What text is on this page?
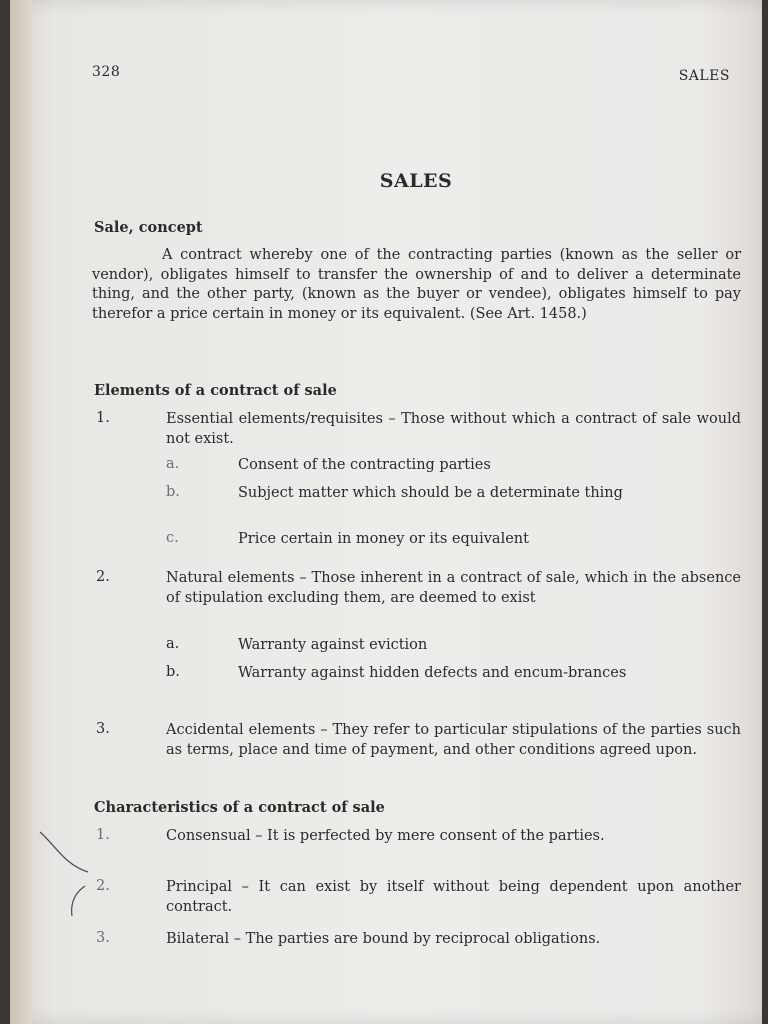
328	SALES
SALES
Sale, concept
A contract whereby one of the contracting parties (known as the seller or vendor), obligates himself to transfer the ownership of and to deliver a determinate thing, and the other party, (known as the buyer or vendee), obligates himself to pay therefor a price certain in money or its equivalent. (See Art. 1458.)
Elements of a contract of sale
1.	Essential elements/requisites – Those without which a contract of sale would not exist.
a.	Consent of the contracting parties
b.	Subject matter which should be a determinate thing
c.	Price certain in money or its equivalent
2.	Natural elements – Those inherent in a contract of sale, which in the absence of stipulation excluding them, are deemed to exist
a.	Warranty against eviction
b.	Warranty against hidden defects and encum-brances
3.	Accidental elements – They refer to particular stipulations of the parties such as terms, place and time of payment, and other conditions agreed upon.
Characteristics of a contract of sale
1.	Consensual – It is perfected by mere consent of the parties.
2.	Principal – It can exist by itself without being dependent upon another contract.
3.	Bilateral – The parties are bound by reciprocal obligations.
